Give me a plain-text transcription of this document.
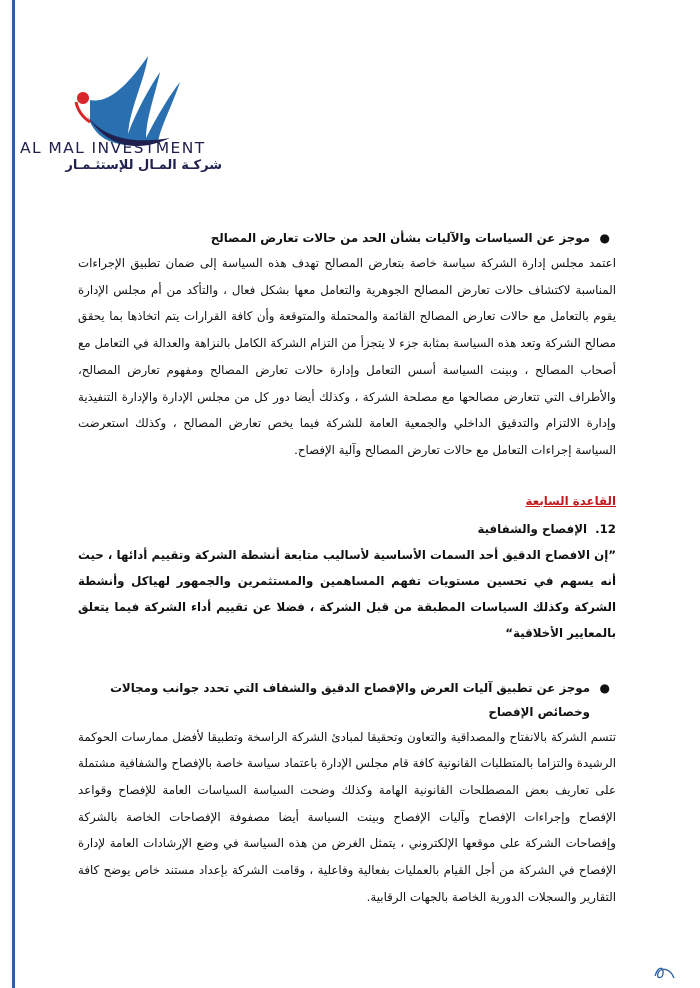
AL MAL INVESTMENT
شركـة المـال للإستثـمـار
●
موجز عن السياسات والآليات بشأن الحد من حالات تعارض المصالح

اعتمد مجلس إدارة الشركة سياسة خاصة بتعارض المصالح تهدف هذه السياسة إلى ضمان تطبيق الإجراءات المناسبة لاكتشاف حالات تعارض المصالح الجوهرية والتعامل معها بشكل فعال ، والتأكد من أم مجلس الإدارة يقوم بالتعامل مع حالات تعارض المصالح القائمة والمحتملة والمتوقعة وأن كافة القرارات يتم اتخاذها بما يحقق مصالح الشركة وتعد هذه السياسة بمثابة جزء لا يتجزأ من التزام الشركة الكامل بالنزاهة والعدالة في التعامل مع أصحاب المصالح ، وبينت السياسة أسس التعامل وإدارة حالات تعارض المصالح ومفهوم تعارض المصالح، والأطراف التي تتعارض مصالحها مع مصلحة الشركة ، وكذلك أيضا دور كل من مجلس الإدارة والإدارة التنفيذية وإدارة الالتزام والتدقيق الداخلي والجمعية العامة للشركة فيما يخص تعارض المصالح ، وكذلك استعرضت السياسة إجراءات التعامل مع حالات تعارض المصالح وآلية الإفصاح.

القاعدة السابعة
12.الإفصاح والشفافية

”إن الافصاح الدقيق أحد السمات الأساسية لأساليب متابعة أنشطة الشركة وتقييم أدائها ، حيث أنه يسهم في تحسين مستويات تفهم المساهمين والمستثمرين والجمهور لهياكل وأنشطة الشركة وكذلك السياسات المطبقة من قبل الشركة ، فضلا عن تقييم أداء الشركة فيما يتعلق بالمعايير الأخلاقية“

●
موجز عن تطبيق آليات العرض والإفصاح الدقيق والشفاف التي تحدد جوانب ومجالات وخصائص الإفصاح

تتسم الشركة بالانفتاح والمصداقية والتعاون وتحقيقا لمبادئ الشركة الراسخة وتطبيقا لأفضل ممارسات الحوكمة الرشيدة والتزاما بالمتطلبات القانونية كافة قام مجلس الإدارة باعتماد سياسة خاصة بالإفصاح والشفافية مشتملة على تعاريف بعض المصطلحات القانونية الهامة وكذلك وضحت السياسة السياسات العامة للإفصاح وقواعد الإفصاح وإجراءات الإفصاح وآليات الإفصاح وبينت السياسة أيضا مصفوفة الإفصاحات الخاصة بالشركة وإفصاحات الشركة على موقعها الإلكتروني ، يتمثل الغرض من هذه السياسة في وضع الإرشادات العامة لإدارة الإفصاح في الشركة من أجل القيام بالعمليات بفعالية وفاعلية ، وقامت الشركة بإعداد مستند خاص يوضح كافة التقارير والسجلات الدورية الخاصة بالجهات الرقابية.
